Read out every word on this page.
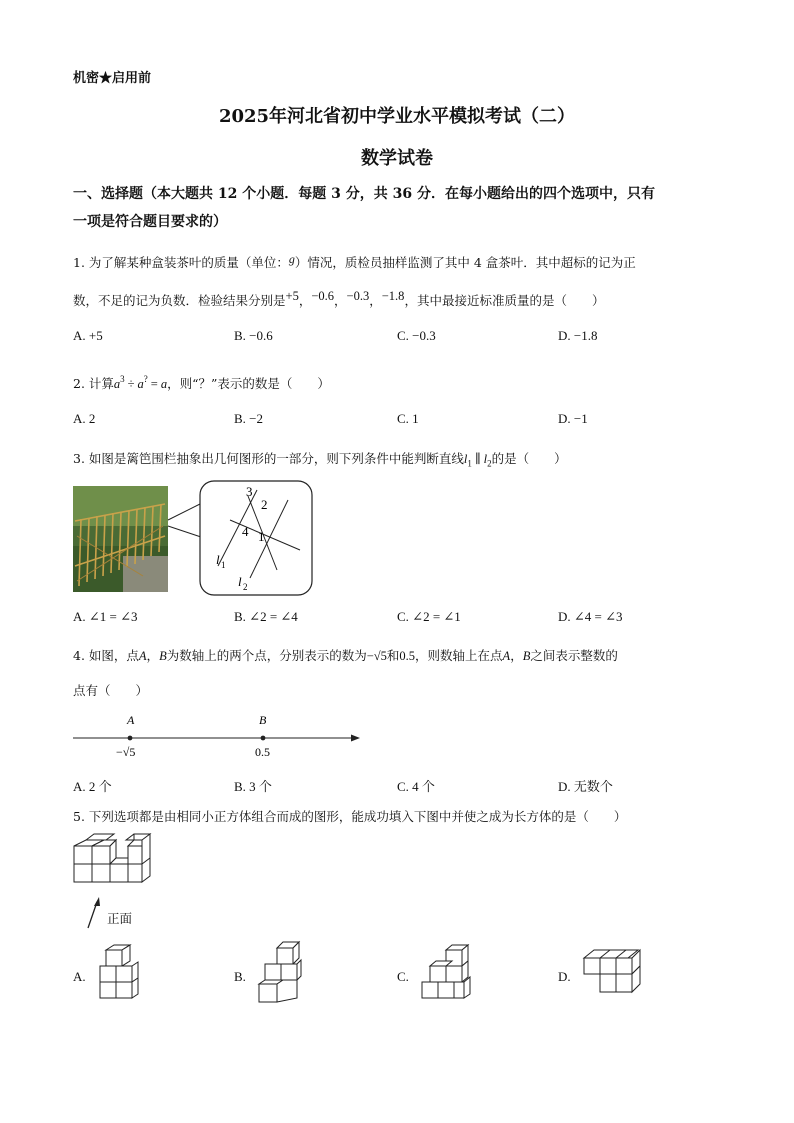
机密★启用前
2025年河北省初中学业水平模拟考试（二）
数学试卷
一、选择题（本大题共 12 个小题．每题 3 分，共 36 分．在每小题给出的四个选项中，只有
一项是符合题目要求的）
1. 为了解某种盒装茶叶的质量（单位：g）情况，质检员抽样监测了其中 4 盒茶叶．其中超标的记为正
数，不足的记为负数．检验结果分别是+5，−0.6，−0.3，−1.8，其中最接近标准质量的是（　　）
A. +5	B. −0.6	C. −0.3	D. −1.8
2. 计算$a^3 \div a^? = a$，则“？”表示的数是（　　）
A. 2	B. −2	C. 1	D. −1
3. 如图是篱笆围栏抽象出几何图形的一部分，则下列条件中能判断直线$l_1$ ∥ $l_2$的是（　　）
3
2
4 1
l 1
l 2
A. ∠1 = ∠3	B. ∠2 = ∠4	C. ∠2 = ∠1	D. ∠4 = ∠3
4. 如图，点A，B为数轴上的两个点，分别表示的数为−√5和0.5，则数轴上在点A，B之间表示整数的
点有（　　）
A	B
−√5	0.5
A. 2 个	B. 3 个	C. 4 个	D. 无数个
5. 下列选项都是由相同小正方体组合而成的图形，能成功填入下图中并使之成为长方体的是（　　）
正面
A.	B.	C.	D.
